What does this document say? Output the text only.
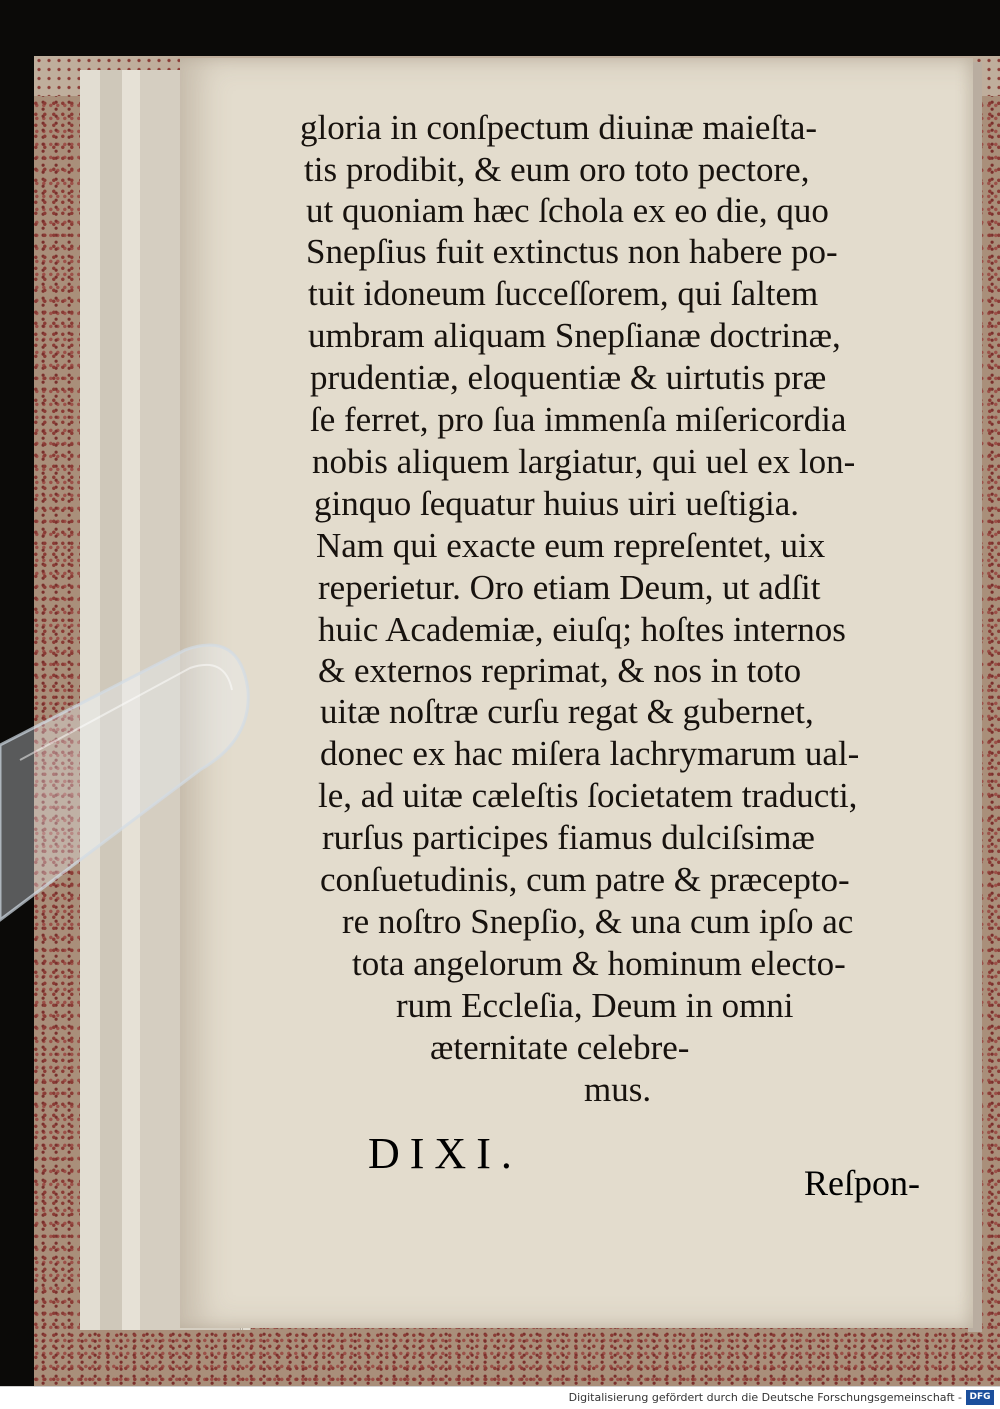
gloria in conſpectum diuinæ maieſta-
tis prodibit, & eum oro toto pectore,
ut quoniam hæc ſchola ex eo die, quo
Snepſius fuit extinctus non habere po-
tuit idoneum ſucceſſorem, qui ſaltem
umbram aliquam Snepſianæ doctrinæ,
prudentiæ, eloquentiæ & uirtutis præ
ſe ferret, pro ſua immenſa miſericordia
nobis aliquem largiatur, qui uel ex lon-
ginquo ſequatur huius uiri ueſtigia.
Nam qui exacte eum repreſentet, uix
reperietur. Oro etiam Deum, ut adſit
huic Academiæ, eiuſq; hoſtes internos
& externos reprimat, & nos in toto
uitæ noſtræ curſu regat & gubernet,
donec ex hac miſera lachrymarum ual-
le, ad uitæ cæleſtis ſocietatem traducti,
rurſus participes fiamus dulciſsimæ
conſuetudinis, cum patre & præcepto-
re noſtro Snepſio, & una cum ipſo ac
tota angelorum & hominum electo-
rum Eccleſia, Deum in omni
æternitate celebre-
mus.
DIXI.
Reſpon-
Digitalisierung gefördert durch die Deutsche Forschungsgemeinschaft - DFG
